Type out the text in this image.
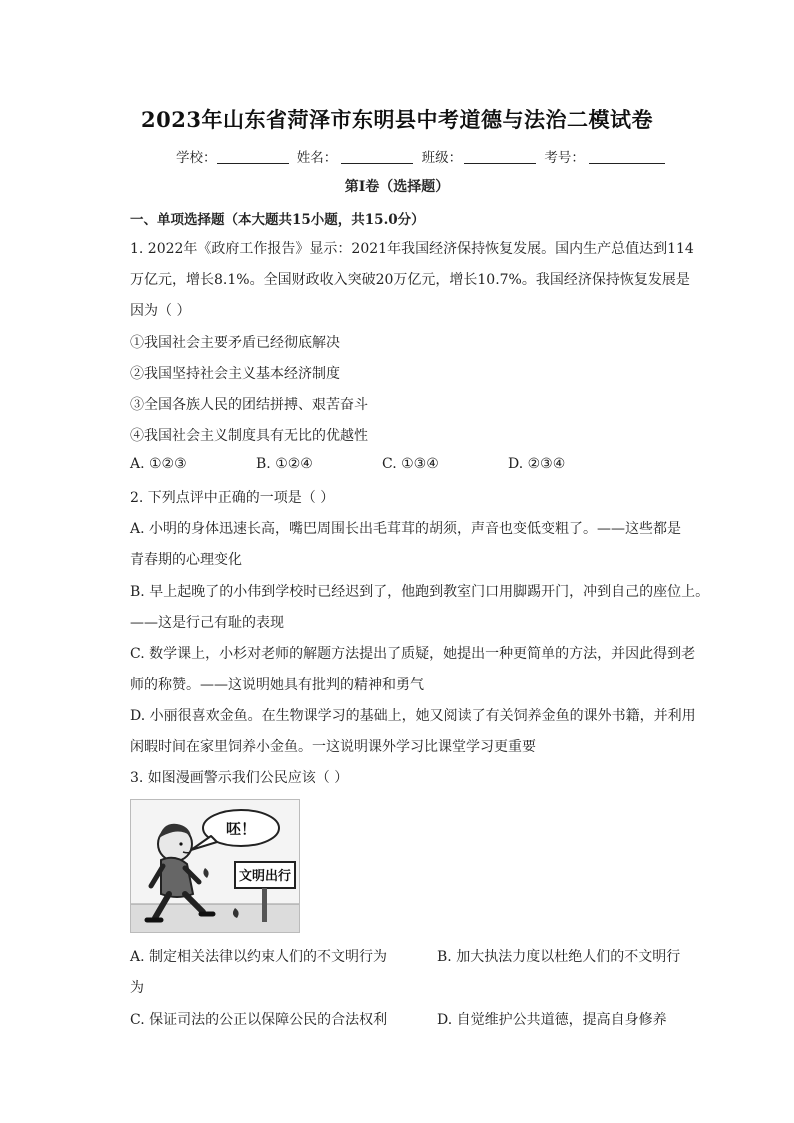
2023年山东省菏泽市东明县中考道德与法治二模试卷
学校：	姓名：	班级：	考号：
第I卷（选择题）
一、单项选择题（本大题共15小题，共15.0分）
1. 2022年《政府工作报告》显示：2021年我国经济保持恢复发展。国内生产总值达到114
万亿元，增长8.1%。全国财政收入突破20万亿元，增长10.7%。我国经济保持恢复发展是
因为（ ）
①我国社会主要矛盾已经彻底解决
②我国坚持社会主义基本经济制度
③全国各族人民的团结拼搏、艰苦奋斗
④我国社会主义制度具有无比的优越性
A. ①②③	B. ①②④	C. ①③④	D. ②③④
2. 下列点评中正确的一项是（ ）
A. 小明的身体迅速长高，嘴巴周围长出毛茸茸的胡须，声音也变低变粗了。——这些都是
青春期的心理变化
B. 早上起晚了的小伟到学校时已经迟到了，他跑到教室门口用脚踢开门，冲到自己的座位上。
——这是行己有耻的表现
C. 数学课上，小杉对老师的解题方法提出了质疑，她提出一种更简单的方法，并因此得到老
师的称赞。——这说明她具有批判的精神和勇气
D. 小丽很喜欢金鱼。在生物课学习的基础上，她又阅读了有关饲养金鱼的课外书籍，并利用
闲暇时间在家里饲养小金鱼。一这说明课外学习比课堂学习更重要
3. 如图漫画警示我们公民应该（ ）
呸！
文明出行
A. 制定相关法律以约束人们的不文明行为	B. 加大执法力度以杜绝人们的不文明行
为
C. 保证司法的公正以保障公民的合法权利	D. 自觉维护公共道德，提高自身修养
